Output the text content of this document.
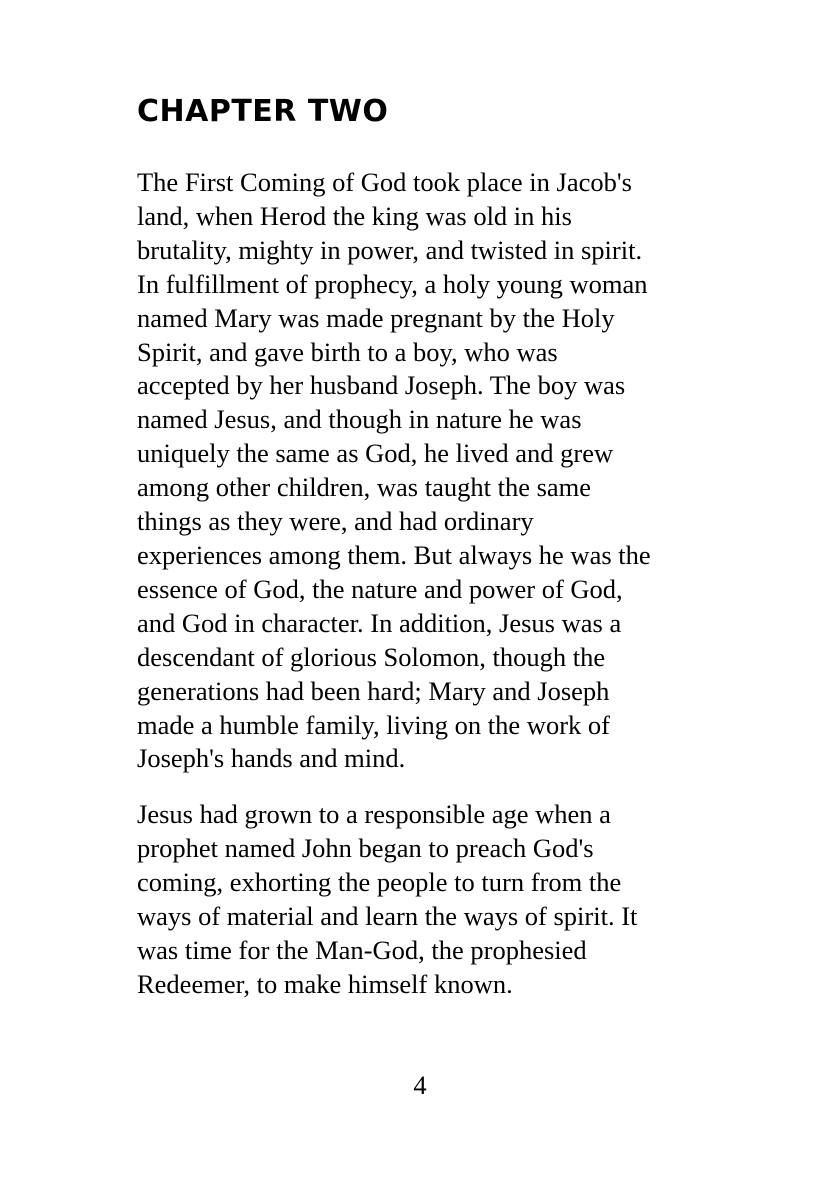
CHAPTER TWO
The First Coming of God took place in Jacob's
land, when Herod the king was old in his
brutality, mighty in power, and twisted in spirit.
In fulfillment of prophecy, a holy young woman
named Mary was made pregnant by the Holy
Spirit, and gave birth to a boy, who was
accepted by her husband Joseph. The boy was
named Jesus, and though in nature he was
uniquely the same as God, he lived and grew
among other children, was taught the same
things as they were, and had ordinary
experiences among them. But always he was the
essence of God, the nature and power of God,
and God in character. In addition, Jesus was a
descendant of glorious Solomon, though the
generations had been hard; Mary and Joseph
made a humble family, living on the work of
Joseph's hands and mind.
Jesus had grown to a responsible age when a
prophet named John began to preach God's
coming, exhorting the people to turn from the
ways of material and learn the ways of spirit. It
was time for the Man-God, the prophesied
Redeemer, to make himself known.
4
